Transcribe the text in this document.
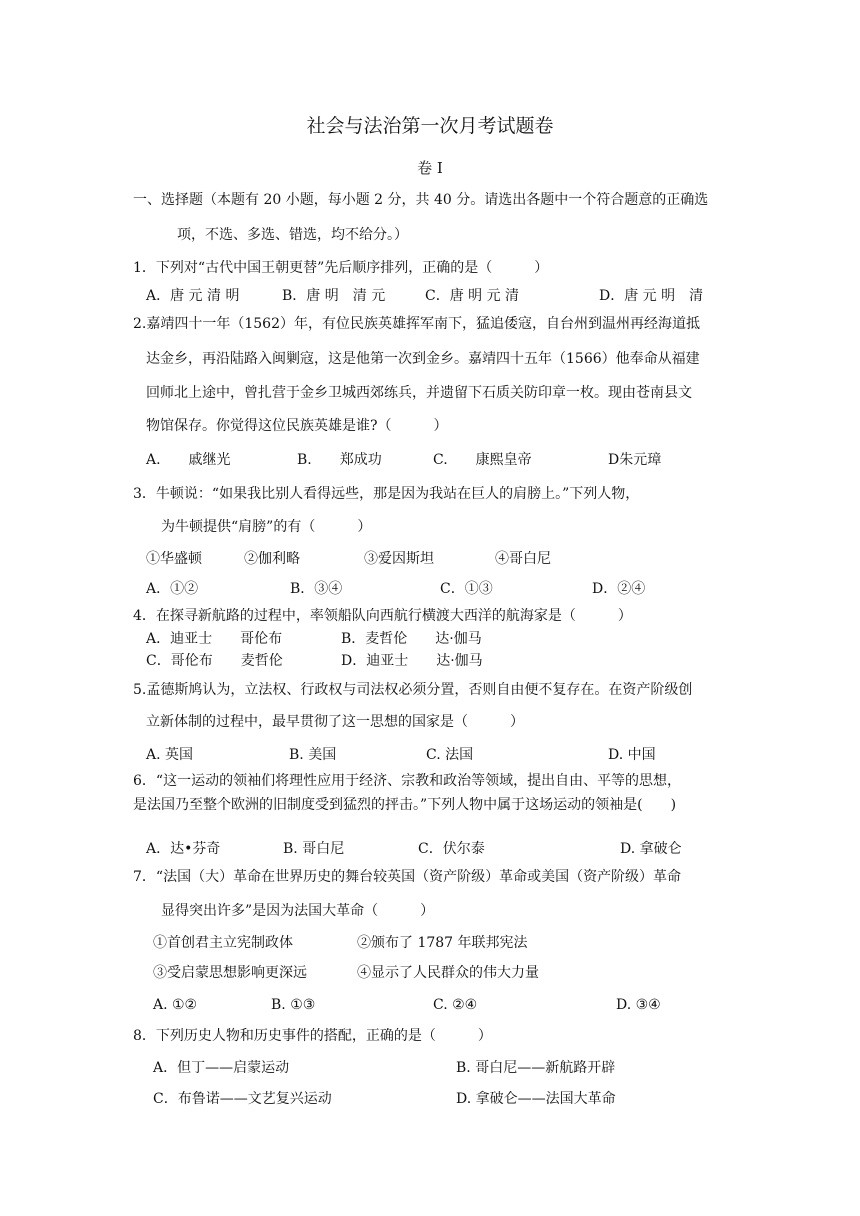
社会与法治第一次月考试题卷
卷 Ⅰ
一、选择题（本题有 20 小题，每小题 2 分，共 40 分。请选出各题中一个符合题意的正确选
项，不选、多选、错选，均不给分。）
1．下列对“古代中国王朝更替”先后顺序排列，正确的是（　　　）
A．唐 元 清 明	B．唐 明　清 元	C．唐 明 元 清	D．唐 元 明　清
2.嘉靖四十一年（1562）年，有位民族英雄挥军南下，猛追倭寇，自台州到温州再经海道抵
达金乡，再沿陆路入闽剿寇，这是他第一次到金乡。嘉靖四十五年（1566）他奉命从福建
回师北上途中，曾扎营于金乡卫城西郊练兵，并遗留下石质关防印章一枚。现由苍南县文
物馆保存。你觉得这位民族英雄是谁?（　　　）
A.　　戚继光	B.　　郑成功	C.　　康熙皇帝	D朱元璋
3．牛顿说：“如果我比别人看得远些，那是因为我站在巨人的肩膀上。”下列人物，
为牛顿提供“肩膀”的有（　　　）
①华盛顿	②伽利略	③爱因斯坦	④哥白尼
A．①②	B．③④	C．①③	D．②④
4．在探寻新航路的过程中，率领船队向西航行横渡大西洋的航海家是（　　　）
A．迪亚士　　哥伦布	B．麦哲伦　　达·伽马
C．哥伦布　　麦哲伦	D．迪亚士　　达·伽马
5.孟德斯鸠认为，立法权、行政权与司法权必须分置，否则自由便不复存在。在资产阶级创
立新体制的过程中，最早贯彻了这一思想的国家是（　　　）
A. 英国	B. 美国	C. 法国	D. 中国
6．“这一运动的领袖们将理性应用于经济、宗教和政治等领域，提出自由、平等的思想，
是法国乃至整个欧洲的旧制度受到猛烈的抨击。”下列人物中属于这场运动的领袖是(　　)
A．达•芬奇	B. 哥白尼	C．伏尔泰	D. 拿破仑
7．“法国（大）革命在世界历史的舞台较英国（资产阶级）革命或美国（资产阶级）革命
显得突出许多”是因为法国大革命（　　　）
①首创君主立宪制政体	②颁布了 1787 年联邦宪法
③受启蒙思想影响更深远	④显示了人民群众的伟大力量
A. ①②	B. ①③	C. ②④	D. ③④
8．下列历史人物和历史事件的搭配，正确的是（　　　）
A．但丁——启蒙运动	B. 哥白尼——新航路开辟
C．布鲁诺——文艺复兴运动	D. 拿破仑——法国大革命
